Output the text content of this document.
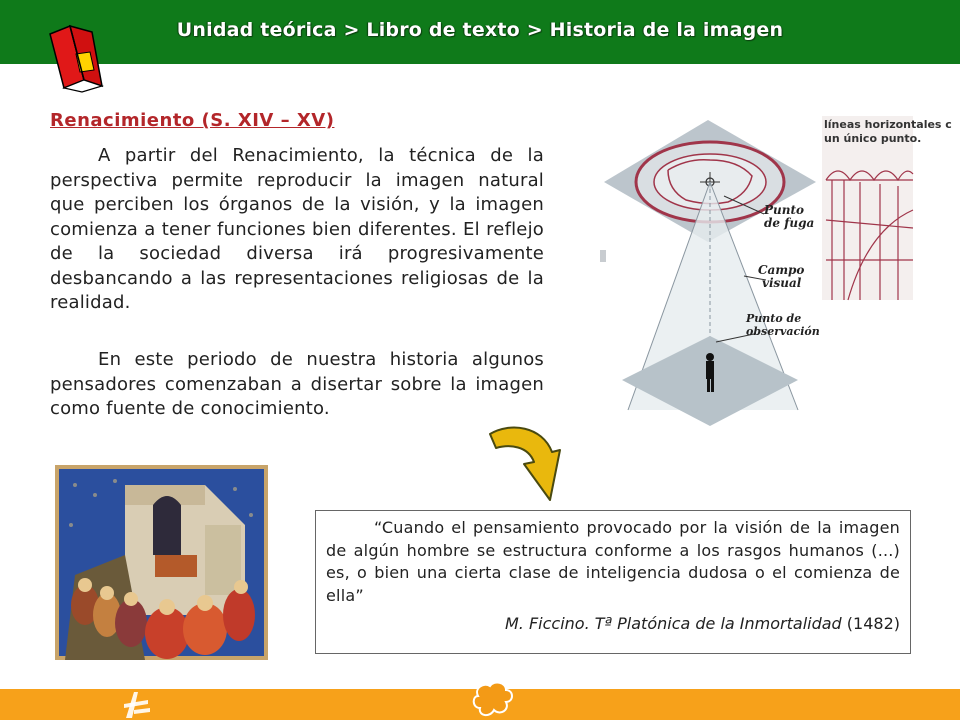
Unidad teórica > Libro de texto > Historia de la imagen
Renacimiento (S. XIV – XV)
A partir del Renacimiento, la técnica de la perspectiva permite reproducir la imagen natural que perciben los órganos de la visión, y la imagen comienza a tener funciones bien diferentes. El reflejo de la sociedad diversa irá progresivamente desbancando a las representaciones religiosas de la realidad.
En este periodo de nuestra historia algunos pensadores comenzaban a disertar sobre la imagen como fuente de conocimiento.
Punto de fuga
Campo visual
Punto de observación
líneas horizontales c un único punto.
“Cuando el pensamiento provocado por la visión de la imagen de algún hombre se estructura conforme a los rasgos humanos (...) es, o bien una cierta clase de inteligencia dudosa o el comienza de ella”
M. Ficcino. Tª Platónica de la Inmortalidad (1482)
